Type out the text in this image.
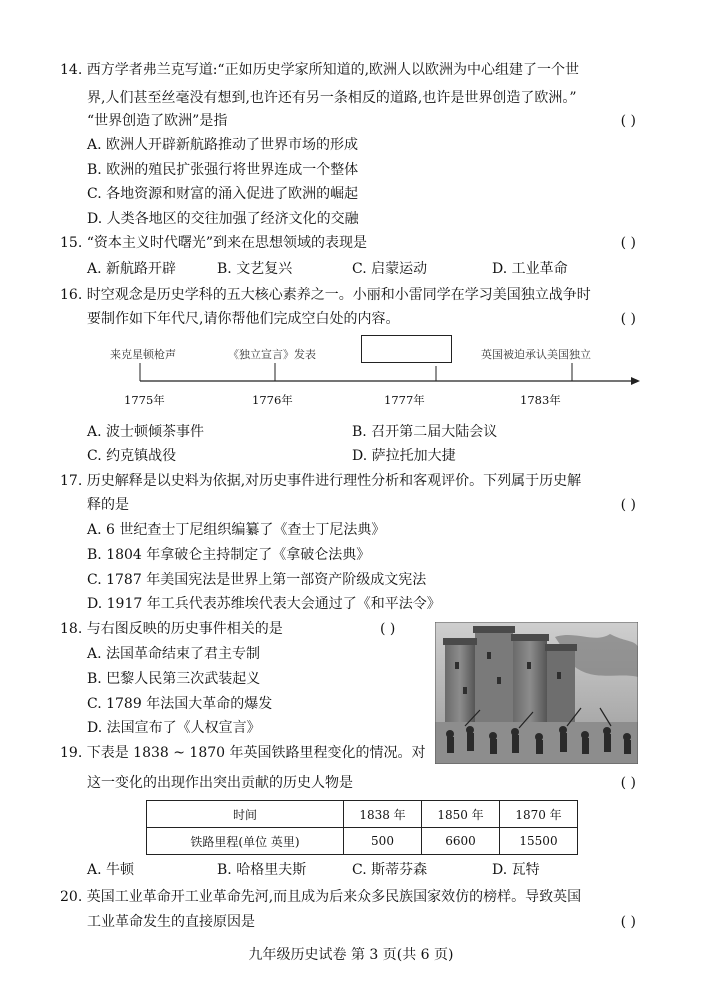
14. 西方学者弗兰克写道:“正如历史学家所知道的,欧洲人以欧洲为中心组建了一个世
界,人们甚至丝毫没有想到,也许还有另一条相反的道路,也许是世界创造了欧洲。”
“世界创造了欧洲”是指	( )
A. 欧洲人开辟新航路推动了世界市场的形成
B. 欧洲的殖民扩张强行将世界连成一个整体
C. 各地资源和财富的涌入促进了欧洲的崛起
D. 人类各地区的交往加强了经济文化的交融
15. “资本主义时代曙光”到来在思想领域的表现是	( )
A. 新航路开辟	B. 文艺复兴	C. 启蒙运动	D. 工业革命
16. 时空观念是历史学科的五大核心素养之一。小丽和小雷同学在学习美国独立战争时
要制作如下年代尺,请你帮他们完成空白处的内容。	( )
来克星顿枪声	《独立宣言》发表	英国被迫承认美国独立
1775年	1776年	1777年	1783年
A. 波士顿倾茶事件	B. 召开第二届大陆会议
C. 约克镇战役	D. 萨拉托加大捷
17. 历史解释是以史料为依据,对历史事件进行理性分析和客观评价。下列属于历史解
释的是	( )
A. 6 世纪查士丁尼组织编纂了《查士丁尼法典》
B. 1804 年拿破仑主持制定了《拿破仑法典》
C. 1787 年美国宪法是世界上第一部资产阶级成文宪法
D. 1917 年工兵代表苏维埃代表大会通过了《和平法令》
18. 与右图反映的历史事件相关的是	( )
A. 法国革命结束了君主专制
B. 巴黎人民第三次武装起义
C. 1789 年法国大革命的爆发
D. 法国宣布了《人权宣言》
19. 下表是 1838 ~ 1870 年英国铁路里程变化的情况。对
这一变化的出现作出突出贡献的历史人物是	( )
时间	1838 年	1850 年	1870 年
铁路里程(单位 英里)	500	6600	15500
A. 牛顿	B. 哈格里夫斯	C. 斯蒂芬森	D. 瓦特
20. 英国工业革命开工业革命先河,而且成为后来众多民族国家效仿的榜样。导致英国
工业革命发生的直接原因是	( )
九年级历史试卷 第 3 页(共 6 页)
